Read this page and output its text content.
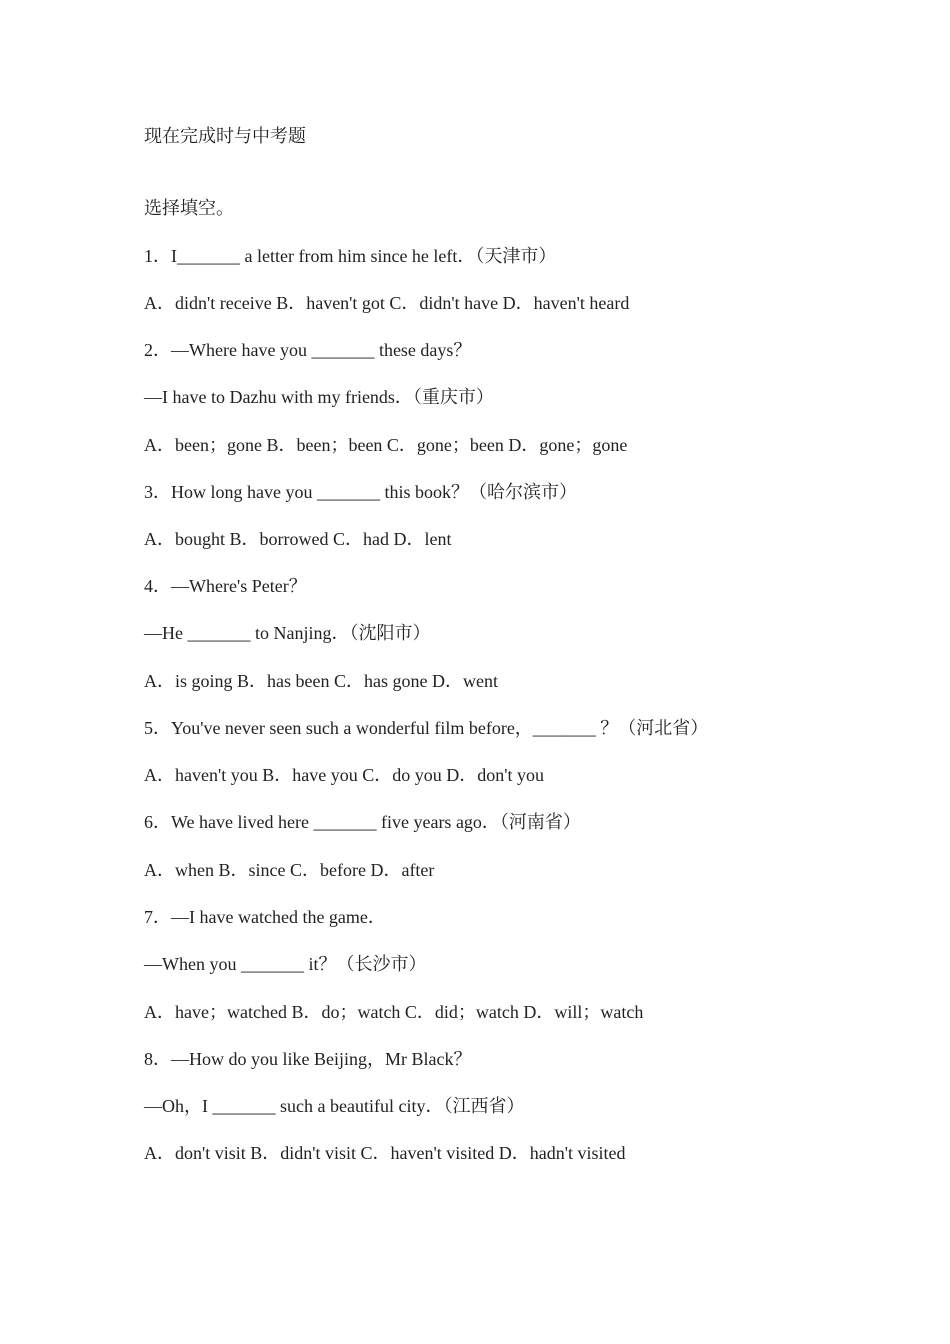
现在完成时与中考题
选择填空。
1．I_______ a letter from him since he left．（天津市）
A．didn't receive B．haven't got C．didn't have D．haven't heard
2．—Where have you _______ these days？
—I have to Dazhu with my friends．（重庆市）
A．been；gone B．been；been C．gone；been D．gone；gone
3．How long have you _______ this book？（哈尔滨市）
A．bought B．borrowed C．had D．lent
4．—Where's Peter？
—He _______ to Nanjing．（沈阳市）
A．is going B．has been C．has gone D．went
5．You've never seen such a wonderful film before，_______ ？（河北省）
A．haven't you B．have you C．do you D．don't you
6．We have lived here _______ five years ago．（河南省）
A．when B．since C．before D．after
7．—I have watched the game．
—When you _______ it？（长沙市）
A．have；watched B．do；watch C．did；watch D．will；watch
8．—How do you like Beijing，Mr Black？
—Oh，I _______ such a beautiful city．（江西省）
A．don't visit B．didn't visit C．haven't visited D．hadn't visited
